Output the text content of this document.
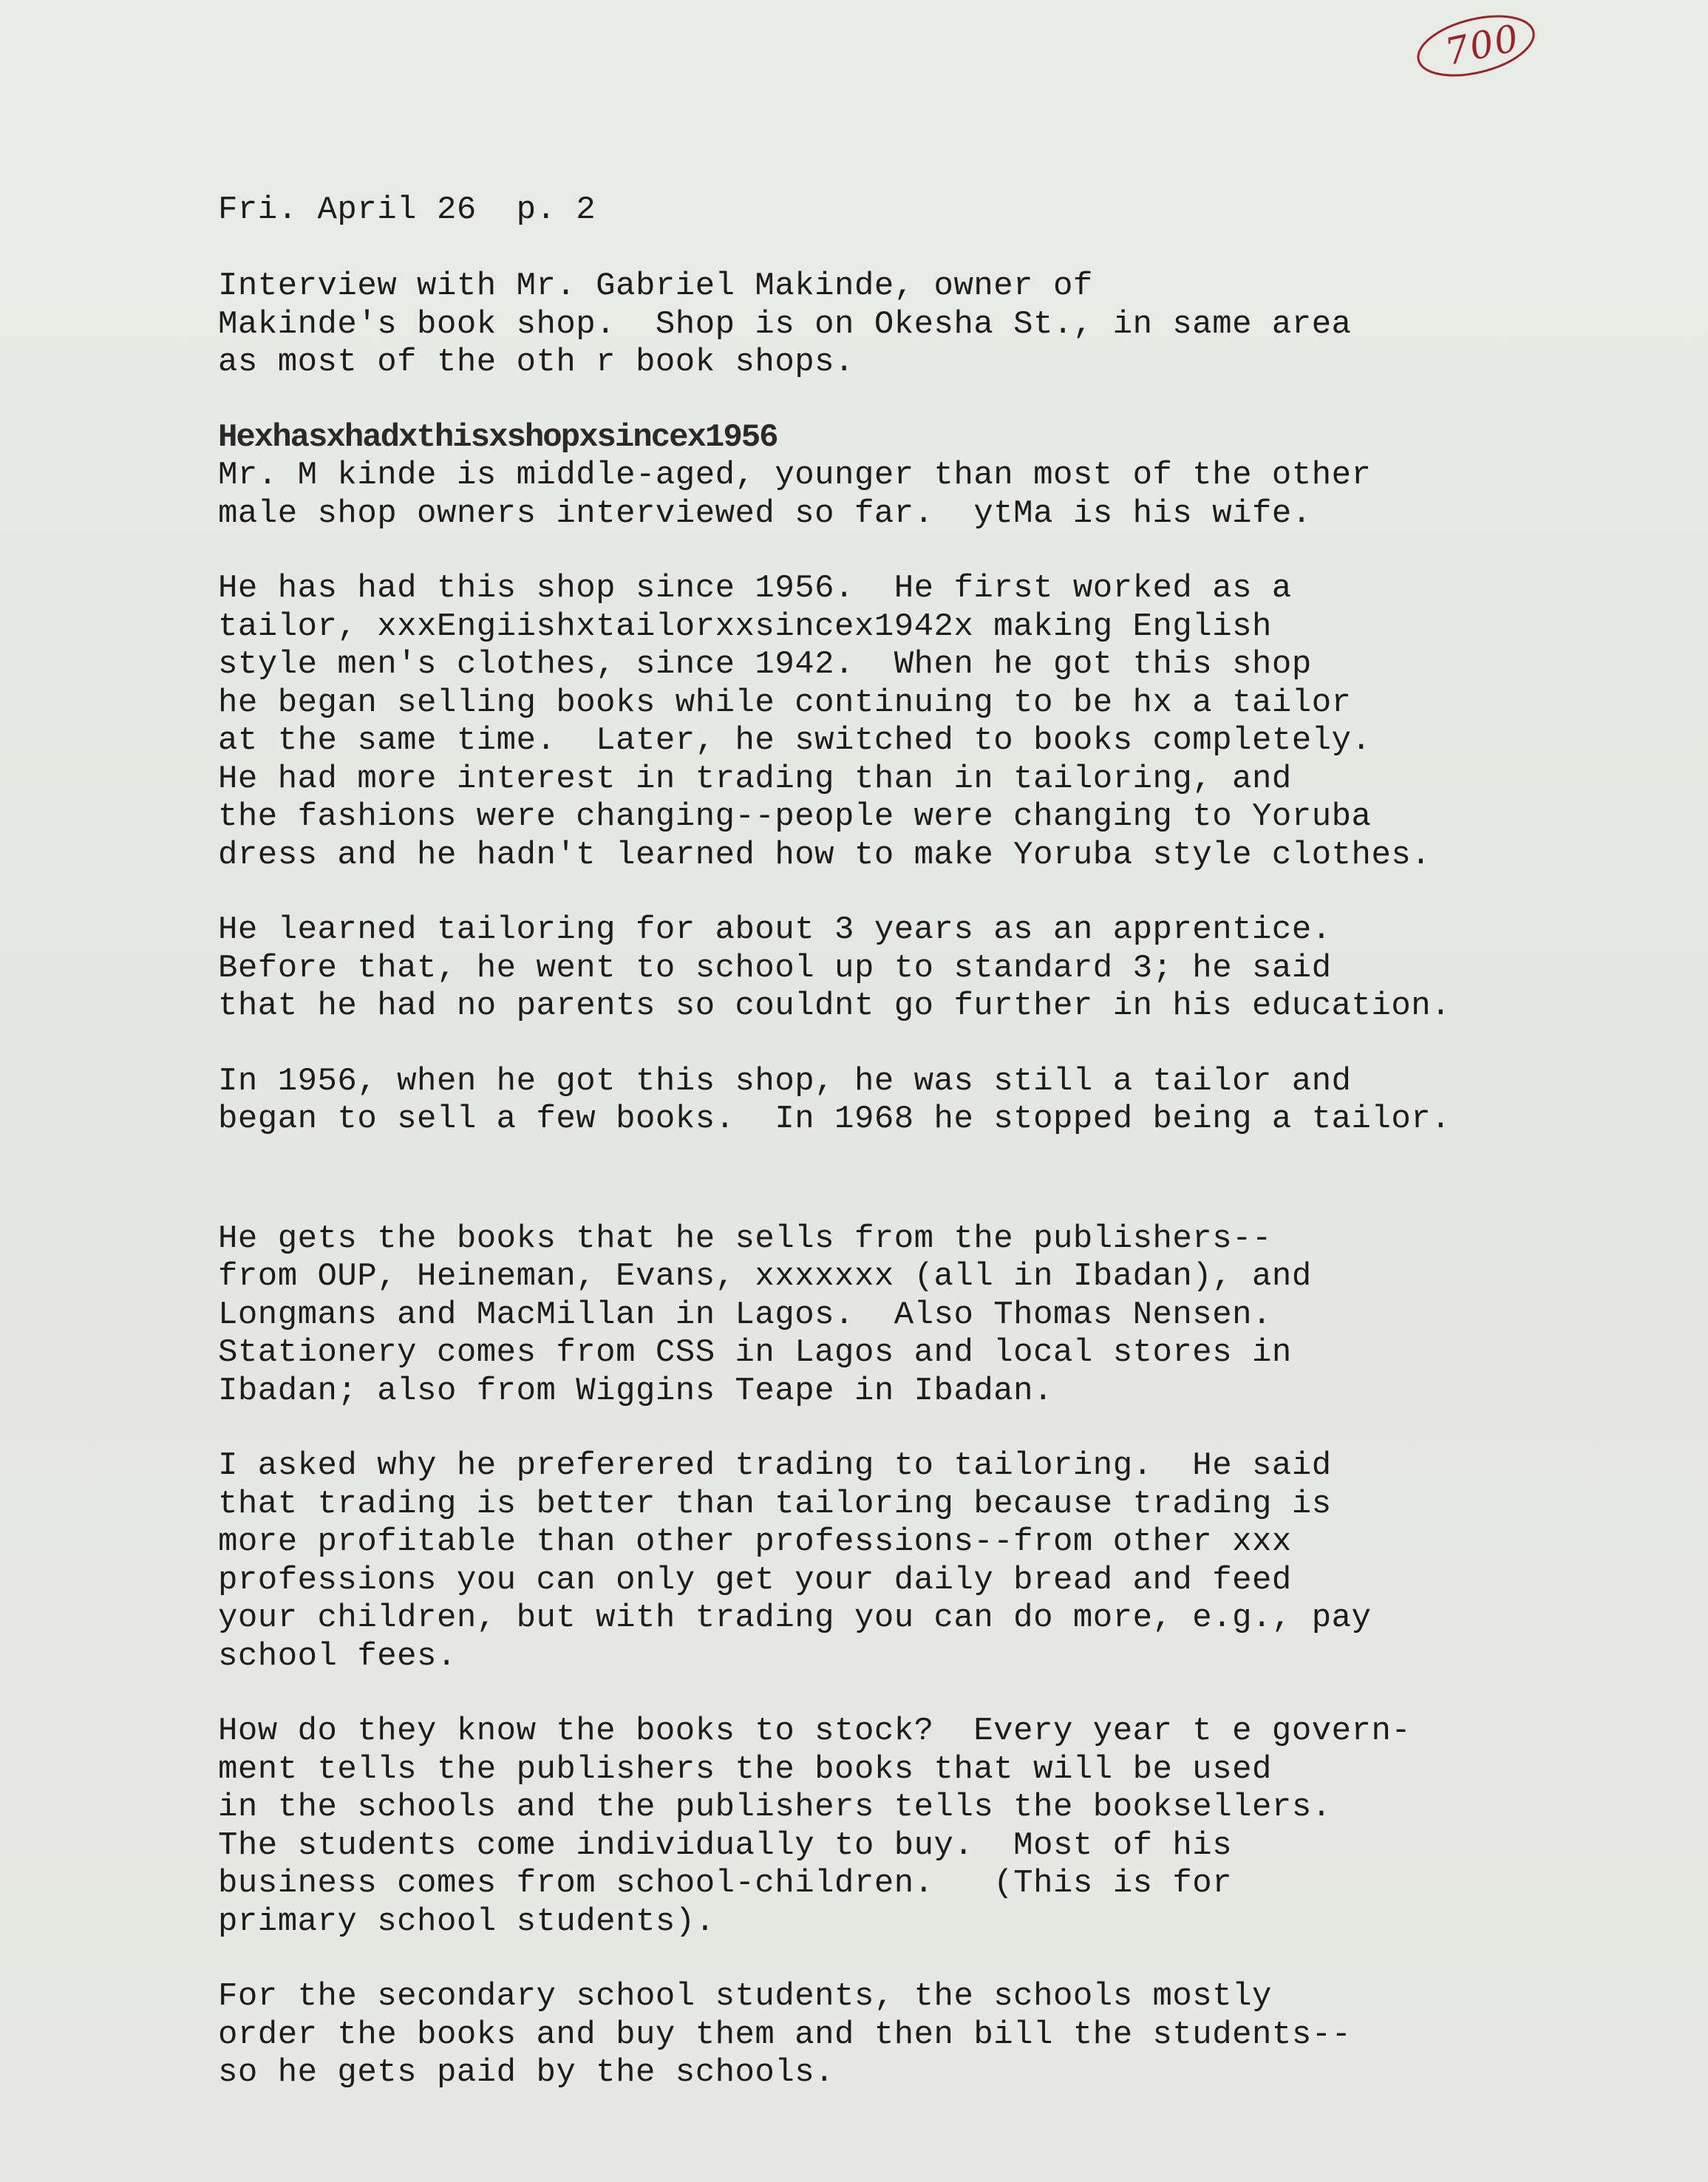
700
Fri. April 26  p. 2
Interview with Mr. Gabriel Makinde, owner of
Makinde's book shop.  Shop is on Okesha St., in same area
as most of the oth r book shops.
Hexhasxhadxthisxshopxsincex1956
Mr. M kinde is middle-aged, younger than most of the other
male shop owners interviewed so far.  ytMa is his wife.
He has had this shop since 1956.  He first worked as a
tailor, xxxEngiishxtailorxxsincex1942x making English
style men's clothes, since 1942.  When he got this shop
he began selling books while continuing to be hx a tailor
at the same time.  Later, he switched to books completely.
He had more interest in trading than in tailoring, and
the fashions were changing--people were changing to Yoruba
dress and he hadn't learned how to make Yoruba style clothes.
He learned tailoring for about 3 years as an apprentice.
Before that, he went to school up to standard 3; he said
that he had no parents so couldnt go further in his education.
In 1956, when he got this shop, he was still a tailor and
began to sell a few books.  In 1968 he stopped being a tailor.
He gets the books that he sells from the publishers--
from OUP, Heineman, Evans, xxxxxxx (all in Ibadan), and
Longmans and MacMillan in Lagos.  Also Thomas Nensen.
Stationery comes from CSS in Lagos and local stores in
Ibadan; also from Wiggins Teape in Ibadan.
I asked why he preferered trading to tailoring.  He said
that trading is better than tailoring because trading is
more profitable than other professions--from other xxx
professions you can only get your daily bread and feed
your children, but with trading you can do more, e.g., pay
school fees.
How do they know the books to stock?  Every year t e govern-
ment tells the publishers the books that will be used
in the schools and the publishers tells the booksellers.
The students come individually to buy.  Most of his
business comes from school-children.   (This is for
primary school students).
For the secondary school students, the schools mostly
order the books and buy them and then bill the students--
so he gets paid by the schools.
